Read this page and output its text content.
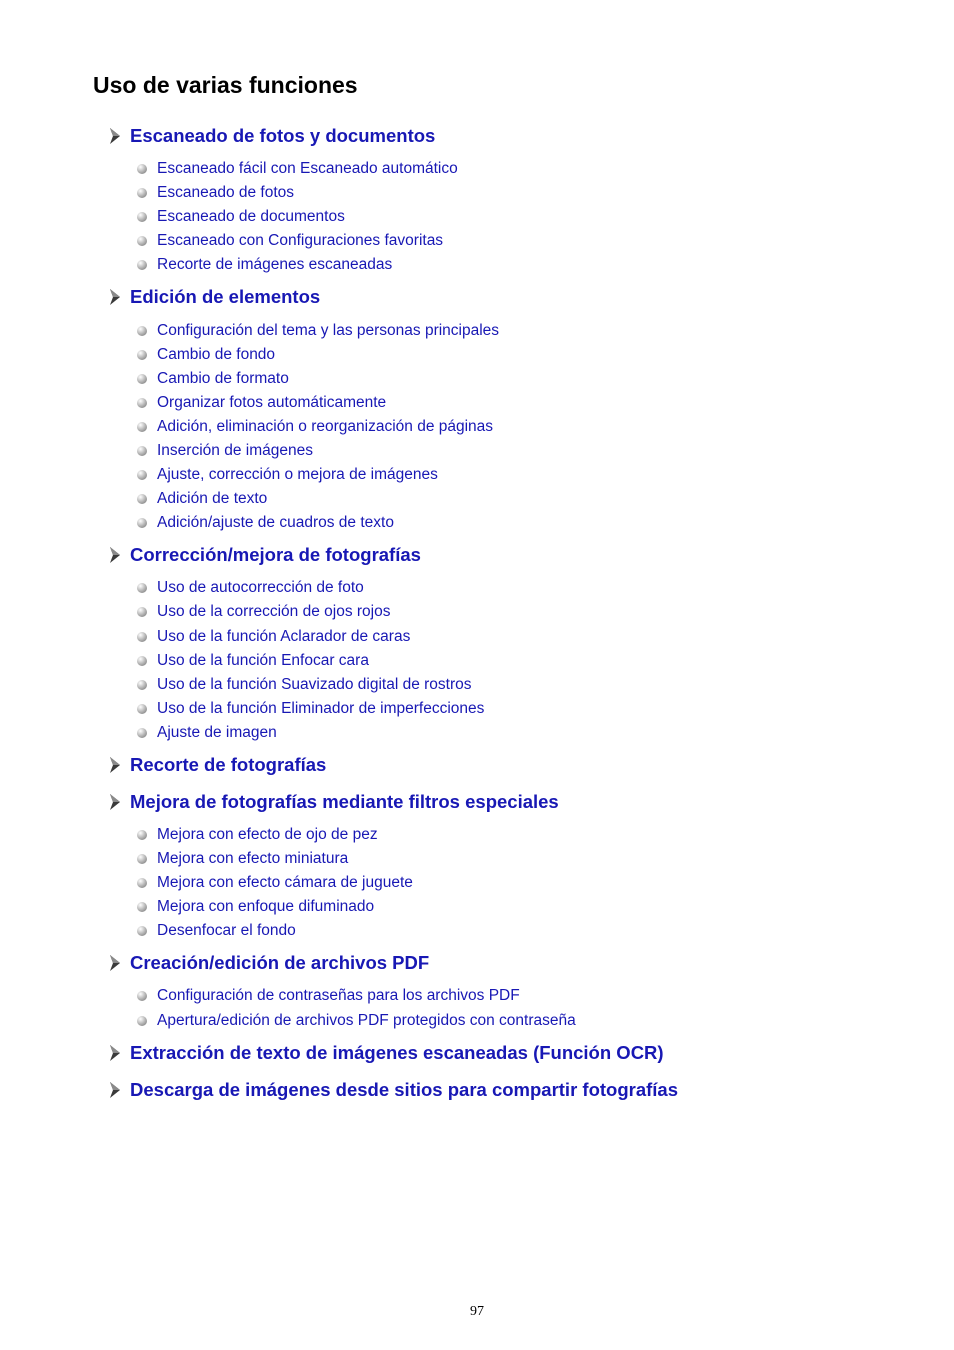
Uso de varias funciones
Escaneado de fotos y documentos
Escaneado fácil con Escaneado automático
Escaneado de fotos
Escaneado de documentos
Escaneado con Configuraciones favoritas
Recorte de imágenes escaneadas
Edición de elementos
Configuración del tema y las personas principales
Cambio de fondo
Cambio de formato
Organizar fotos automáticamente
Adición, eliminación o reorganización de páginas
Inserción de imágenes
Ajuste, corrección o mejora de imágenes
Adición de texto
Adición/ajuste de cuadros de texto
Corrección/mejora de fotografías
Uso de autocorrección de foto
Uso de la corrección de ojos rojos
Uso de la función Aclarador de caras
Uso de la función Enfocar cara
Uso de la función Suavizado digital de rostros
Uso de la función Eliminador de imperfecciones
Ajuste de imagen
Recorte de fotografías
Mejora de fotografías mediante filtros especiales
Mejora con efecto de ojo de pez
Mejora con efecto miniatura
Mejora con efecto cámara de juguete
Mejora con enfoque difuminado
Desenfocar el fondo
Creación/edición de archivos PDF
Configuración de contraseñas para los archivos PDF
Apertura/edición de archivos PDF protegidos con contraseña
Extracción de texto de imágenes escaneadas (Función OCR)
Descarga de imágenes desde sitios para compartir fotografías
97
